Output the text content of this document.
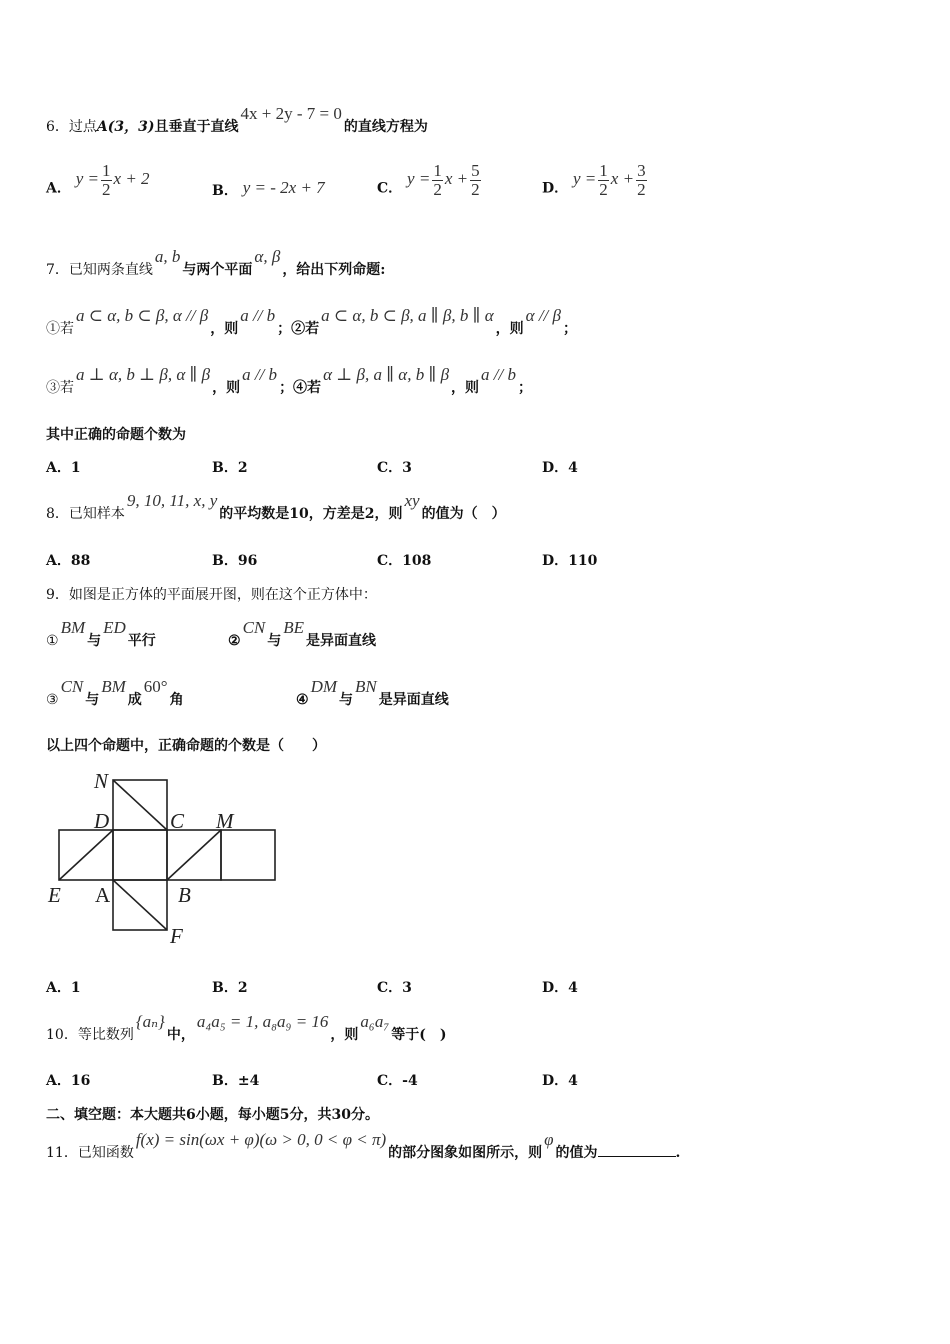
6．过点A(3，3)且垂直于直线4x + 2y - 7 = 0的直线方程为
A． $y = \frac{1}{2}$ x + 2
B． y = - 2x + 7	C． $y = \frac{1}{2}$ $x + \frac{5}{2}$	D． $y = \frac{1}{2}$ $x + \frac{3}{2}$
7．已知两条直线a, b与两个平面α, β，给出下列命题:
①若a ⊂ α, b ⊂ β, α // β，则a // b；②若a ⊂ α, b ⊂ β, a ∥ β, b ∥ α，则α // β；
③若a ⊥ α, b ⊥ β, α ∥ β，则a // b；④若α ⊥ β, a ∥ α, b ∥ β，则a // b；
其中正确的命题个数为
A．1	B．2	C．3	D．4
8．已知样本9, 10, 11, x, y的平均数是10，方差是2，则xy的值为（　）
A．88	B．96	C．108	D．110
9．如图是正方体的平面展开图，则在这个正方体中：
①BM与ED平行	②CN与BE是异面直线
③CN与BM成60°角	④DM与BN是异面直线
以上四个命题中，正确命题的个数是（　　）
N
D	C M
E A	B
F
A．1	B．2	C．3	D．4
10．等比数列{aₙ}中，a₄a₅ = 1, a₈a₉ = 16，则a₆a₇等于(　)
A．16	B．±4	C．-4	D．4
二、填空题：本大题共6小题，每小题5分，共30分。
11．已知函数f(x) = sin(ωx + φ)(ω > 0, 0 < φ < π)的部分图象如图所示，则φ的值为	.
